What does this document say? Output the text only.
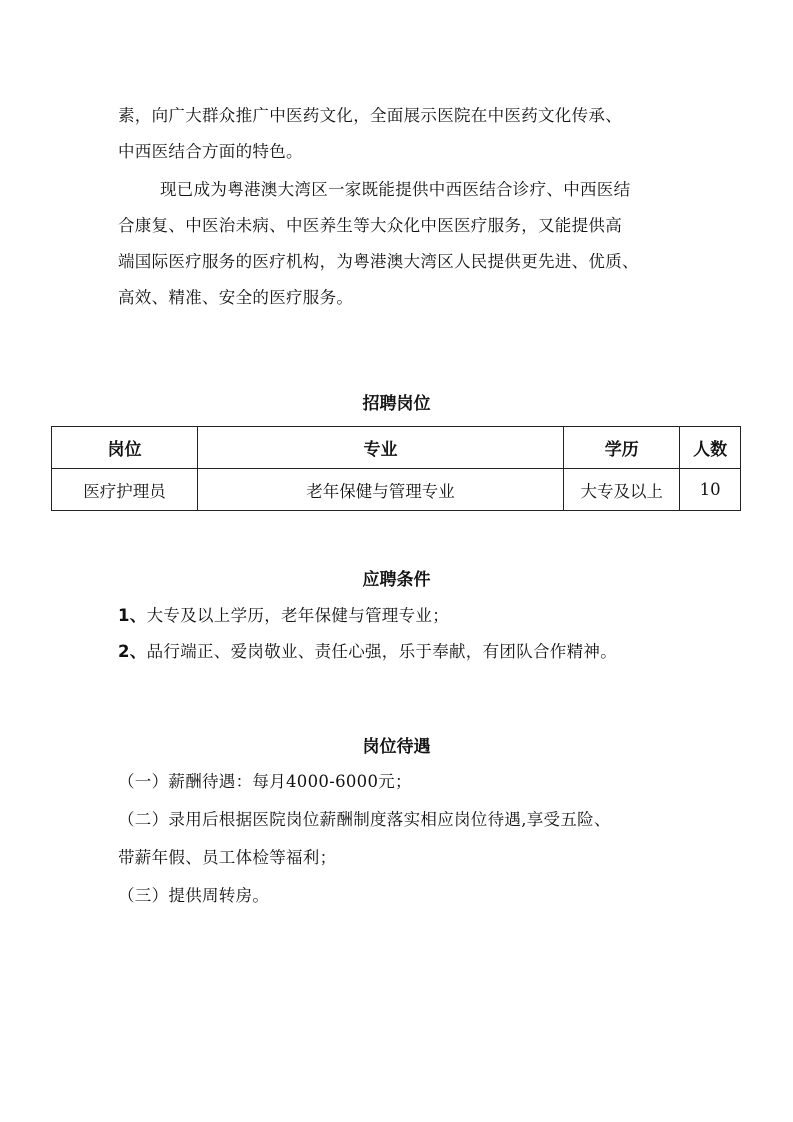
素，向广大群众推广中医药文化，全面展示医院在中医药文化传承、
中西医结合方面的特色。

现已成为粤港澳大湾区一家既能提供中西医结合诊疗、中西医结
合康复、中医治未病、中医养生等大众化中医医疗服务，又能提供高
端国际医疗服务的医疗机构，为粤港澳大湾区人民提供更先进、优质、
高效、精准、安全的医疗服务。

招聘岗位
岗位	专业	学历	人数
医疗护理员	老年保健与管理专业	大专及以上	10
应聘条件

1、大专及以上学历，老年保健与管理专业；
2、品行端正、爱岗敬业、责任心强，乐于奉献，有团队合作精神。

岗位待遇

（一）薪酬待遇：每月4000-6000元；
（二）录用后根据医院岗位薪酬制度落实相应岗位待遇,享受五险、
带薪年假、员工体检等福利；
（三）提供周转房。
